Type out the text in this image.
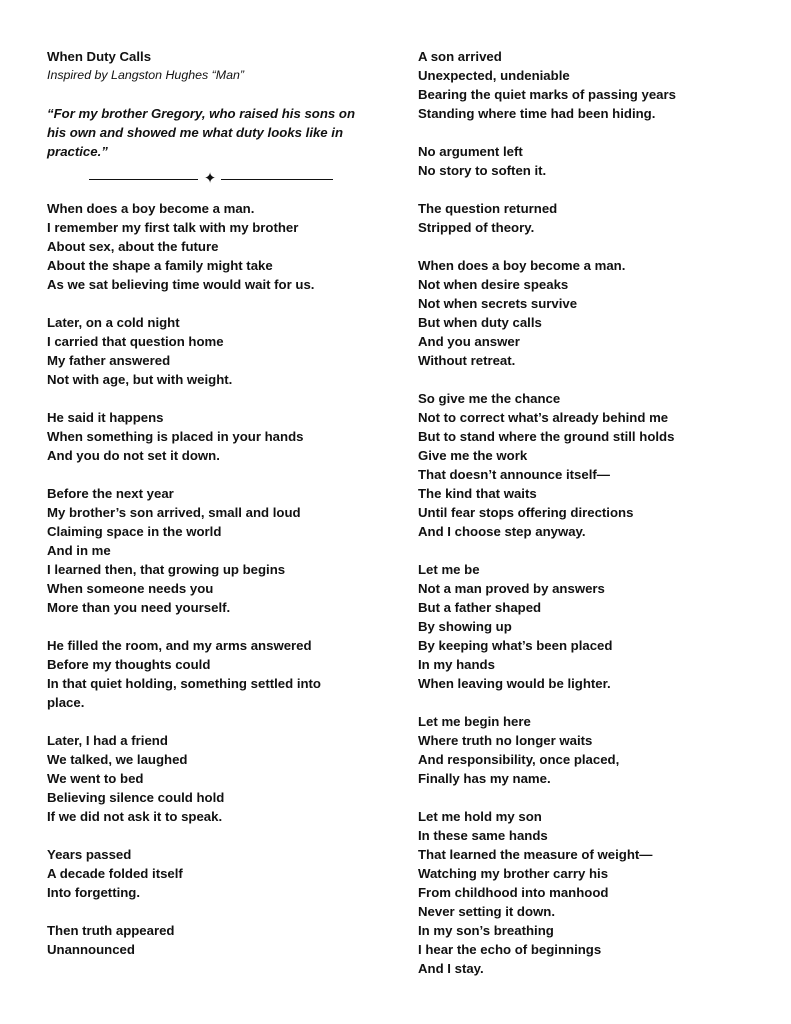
When Duty Calls
Inspired by Langston Hughes “Man”
“For my brother Gregory, who raised his sons on
his own and showed me what duty looks like in
practice.”
✦
When does a boy become a man.
I remember my first talk with my brother
About sex, about the future
About the shape a family might take
As we sat believing time would wait for us.
Later, on a cold night
I carried that question home
My father answered
Not with age, but with weight.
He said it happens
When something is placed in your hands
And you do not set it down.
Before the next year
My brother’s son arrived, small and loud
Claiming space in the world
And in me
I learned then, that growing up begins
When someone needs you
More than you need yourself.
He filled the room, and my arms answered
Before my thoughts could
In that quiet holding, something settled into
place.
Later, I had a friend
We talked, we laughed
We went to bed
Believing silence could hold
If we did not ask it to speak.
Years passed
A decade folded itself
Into forgetting.
Then truth appeared
Unannounced
A son arrived
Unexpected, undeniable
Bearing the quiet marks of passing years
Standing where time had been hiding.
No argument left
No story to soften it.
The question returned
Stripped of theory.
When does a boy become a man.
Not when desire speaks
Not when secrets survive
But when duty calls
And you answer
Without retreat.
So give me the chance
Not to correct what’s already behind me
But to stand where the ground still holds
Give me the work
That doesn’t announce itself—
The kind that waits
Until fear stops offering directions
And I choose step anyway.
Let me be
Not a man proved by answers
But a father shaped
By showing up
By keeping what’s been placed
In my hands
When leaving would be lighter.
Let me begin here
Where truth no longer waits
And responsibility, once placed,
Finally has my name.
Let me hold my son
In these same hands
That learned the measure of weight—
Watching my brother carry his
From childhood into manhood
Never setting it down.
In my son’s breathing
I hear the echo of beginnings
And I stay.
